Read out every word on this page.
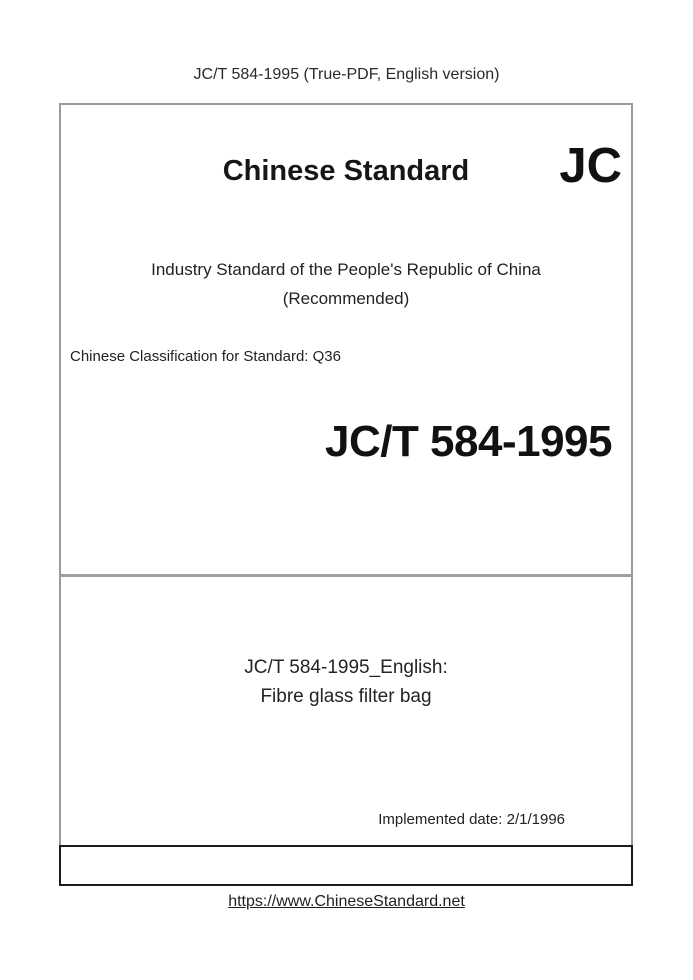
JC/T 584-1995 (True-PDF, English version)
Chinese Standard	JC
Industry Standard of the People's Republic of China
(Recommended)
Chinese Classification for Standard: Q36
JC/T 584-1995
JC/T 584-1995_English:
Fibre glass filter bag
Implemented date: 2/1/1996
https://www.ChineseStandard.net
